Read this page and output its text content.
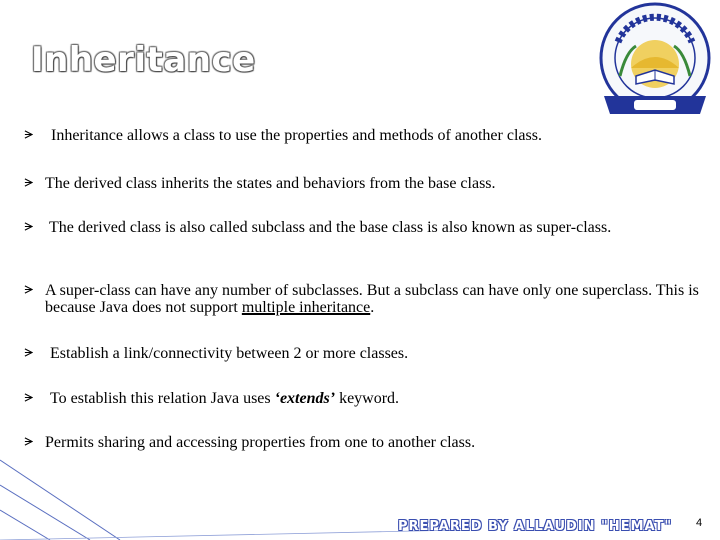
Inheritance
Inheritance allows a class to use the properties and methods of another class.
The derived class inherits the states and behaviors from the base class.
The derived class is also called subclass and the base class is also known as super-class.
A super-class can have any number of subclasses. But a subclass can have only one superclass. This is because Java does not support multiple inheritance.
Establish a link/connectivity between 2 or more classes.
To establish this relation Java uses ‘extends’ keyword.
Permits sharing and accessing properties from one to another class.
PREPARED BY ALLAUDIN "HEMAT" 4
